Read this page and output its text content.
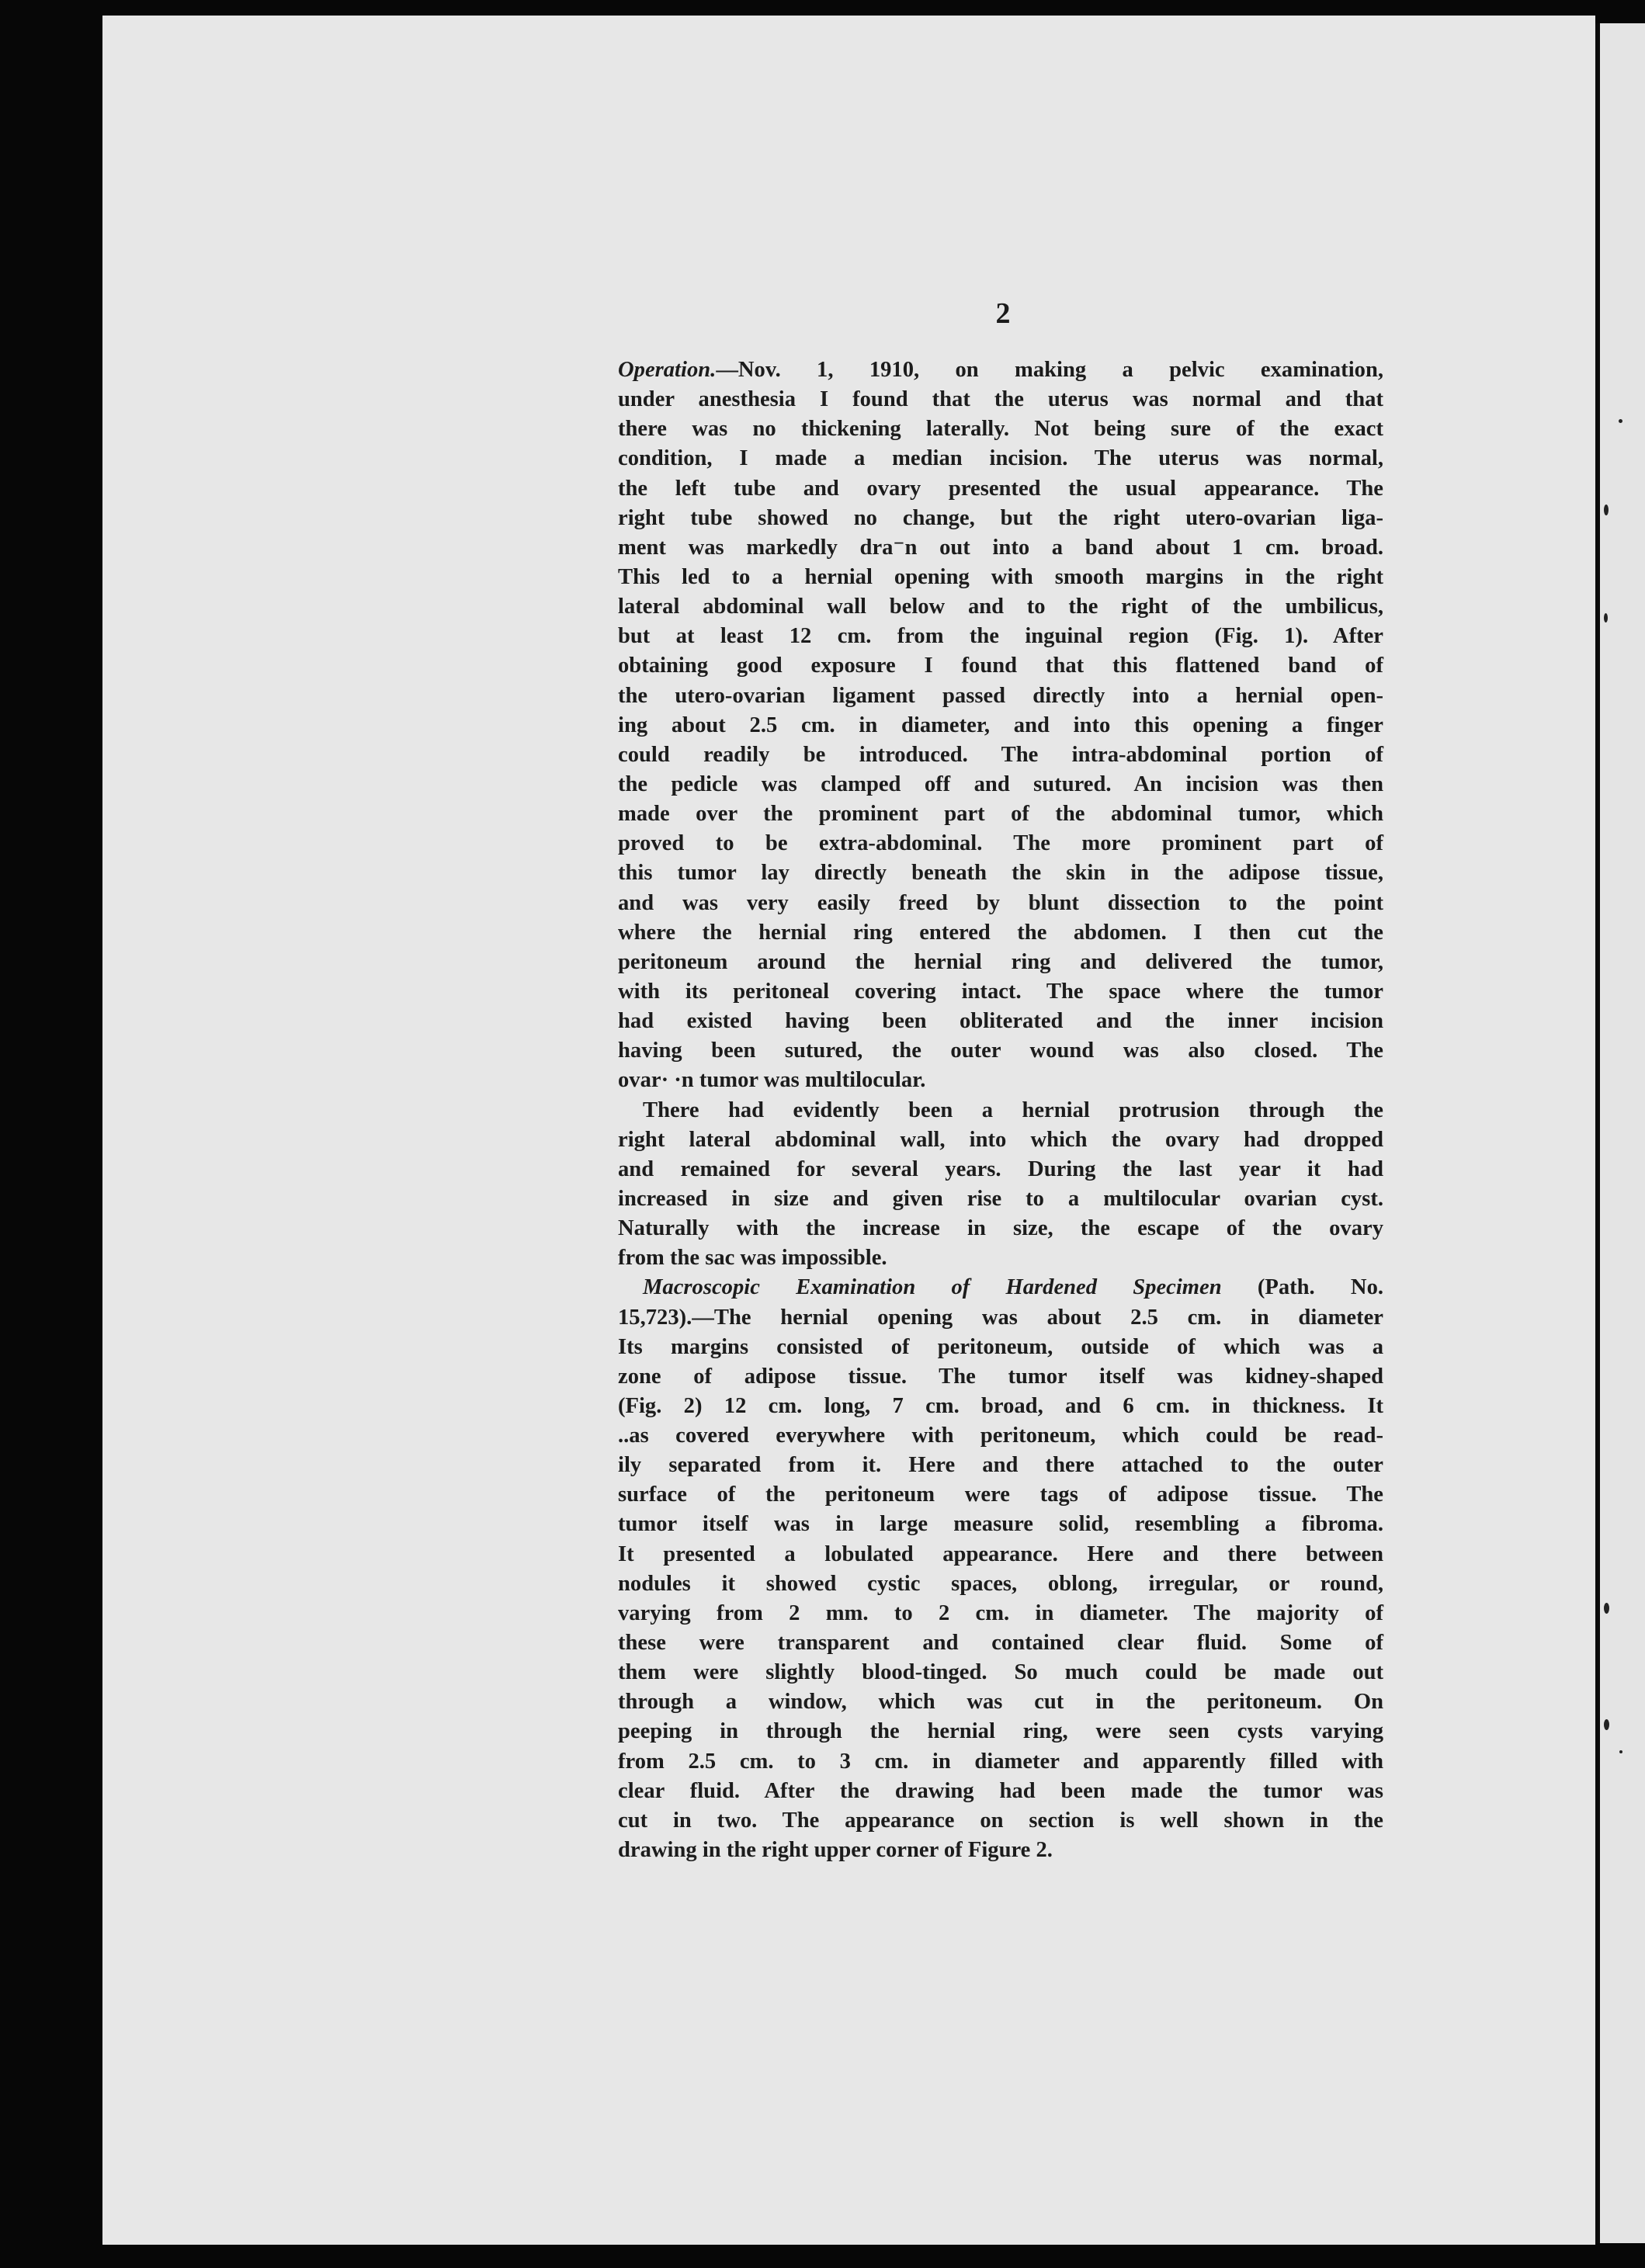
2
Operation.—Nov. 1, 1910, on making a pelvic examination,
under anesthesia I found that the uterus was normal and that
there was no thickening laterally. Not being sure of the exact
condition, I made a median incision. The uterus was normal,
the left tube and ovary presented the usual appearance. The
right tube showed no change, but the right utero-ovarian liga-
ment was markedly dra⁻n out into a band about 1 cm. broad.
This led to a hernial opening with smooth margins in the right
lateral abdominal wall below and to the right of the umbilicus,
but at least 12 cm. from the inguinal region (Fig. 1). After
obtaining good exposure I found that this flattened band of
the utero-ovarian ligament passed directly into a hernial open-
ing about 2.5 cm. in diameter, and into this opening a finger
could readily be introduced. The intra-abdominal portion of
the pedicle was clamped off and sutured. An incision was then
made over the prominent part of the abdominal tumor, which
proved to be extra-abdominal. The more prominent part of
this tumor lay directly beneath the skin in the adipose tissue,
and was very easily freed by blunt dissection to the point
where the hernial ring entered the abdomen. I then cut the
peritoneum around the hernial ring and delivered the tumor,
with its peritoneal covering intact. The space where the tumor
had existed having been obliterated and the inner incision
having been sutured, the outer wound was also closed. The
ovar· ·n tumor was multilocular.
There had evidently been a hernial protrusion through the
right lateral abdominal wall, into which the ovary had dropped
and remained for several years. During the last year it had
increased in size and given rise to a multilocular ovarian cyst.
Naturally with the increase in size, the escape of the ovary
from the sac was impossible.
Macroscopic Examination of Hardened Specimen (Path. No.
15,723).—The hernial opening was about 2.5 cm. in diameter
Its margins consisted of peritoneum, outside of which was a
zone of adipose tissue. The tumor itself was kidney-shaped
(Fig. 2) 12 cm. long, 7 cm. broad, and 6 cm. in thickness. It
..as covered everywhere with peritoneum, which could be read-
ily separated from it. Here and there attached to the outer
surface of the peritoneum were tags of adipose tissue. The
tumor itself was in large measure solid, resembling a fibroma.
It presented a lobulated appearance. Here and there between
nodules it showed cystic spaces, oblong, irregular, or round,
varying from 2 mm. to 2 cm. in diameter. The majority of
these were transparent and contained clear fluid. Some of
them were slightly blood-tinged. So much could be made out
through a window, which was cut in the peritoneum. On
peeping in through the hernial ring, were seen cysts varying
from 2.5 cm. to 3 cm. in diameter and apparently filled with
clear fluid. After the drawing had been made the tumor was
cut in two. The appearance on section is well shown in the
drawing in the right upper corner of Figure 2.
